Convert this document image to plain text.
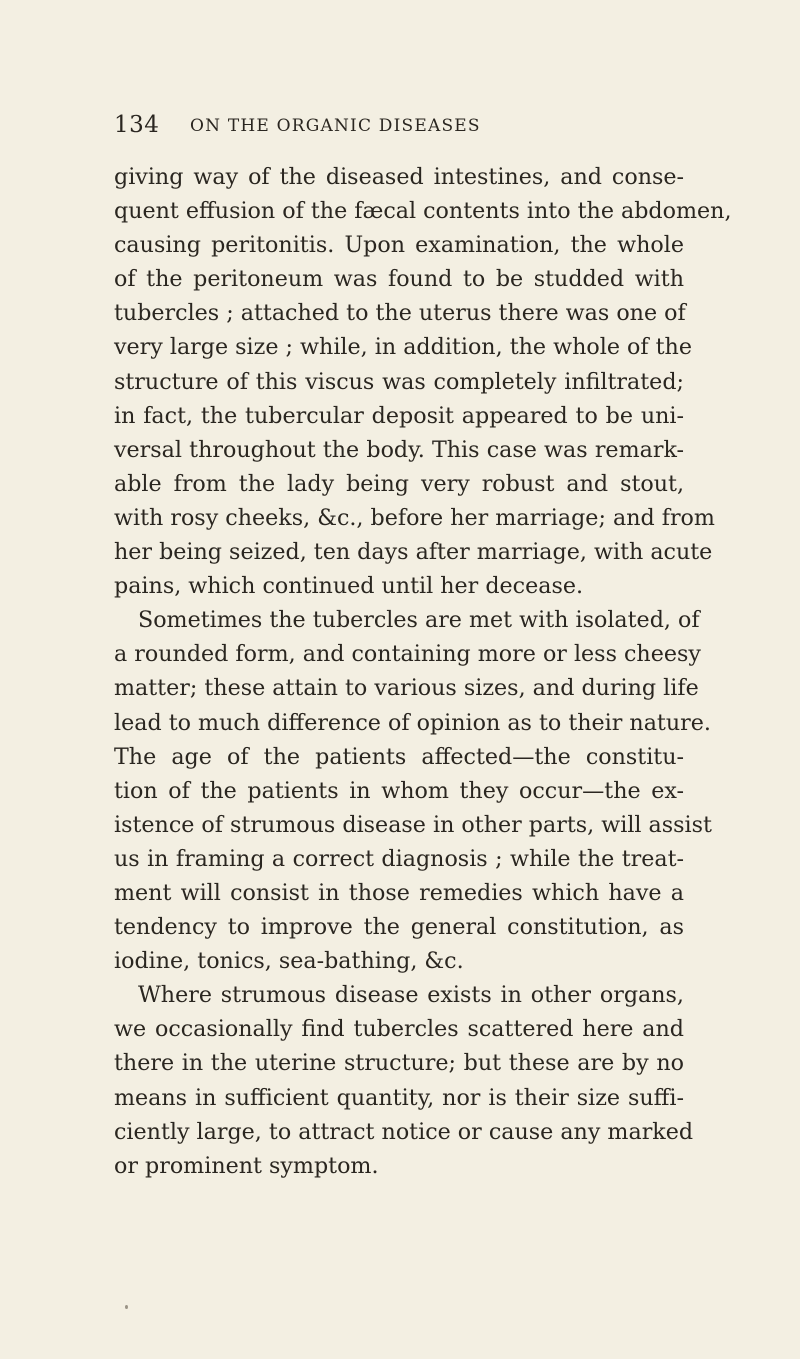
134 ON THE ORGANIC DISEASES
giving way of the diseased intestines, and conse-
quent effusion of the fæcal contents into the abdomen,
causing peritonitis. Upon examination, the whole
of the peritoneum was found to be studded with
tubercles ; attached to the uterus there was one of
very large size ; while, in addition, the whole of the
structure of this viscus was completely infiltrated;
in fact, the tubercular deposit appeared to be uni-
versal throughout the body. This case was remark-
able from the lady being very robust and stout,
with rosy cheeks, &c., before her marriage; and from
her being seized, ten days after marriage, with acute
pains, which continued until her decease.
Sometimes the tubercles are met with isolated, of
a rounded form, and containing more or less cheesy
matter; these attain to various sizes, and during life
lead to much difference of opinion as to their nature.
The age of the patients affected—the constitu-
tion of the patients in whom they occur—the ex-
istence of strumous disease in other parts, will assist
us in framing a correct diagnosis ; while the treat-
ment will consist in those remedies which have a
tendency to improve the general constitution, as
iodine, tonics, sea-bathing, &c.
Where strumous disease exists in other organs,
we occasionally find tubercles scattered here and
there in the uterine structure; but these are by no
means in sufficient quantity, nor is their size suffi-
ciently large, to attract notice or cause any marked
or prominent symptom.
